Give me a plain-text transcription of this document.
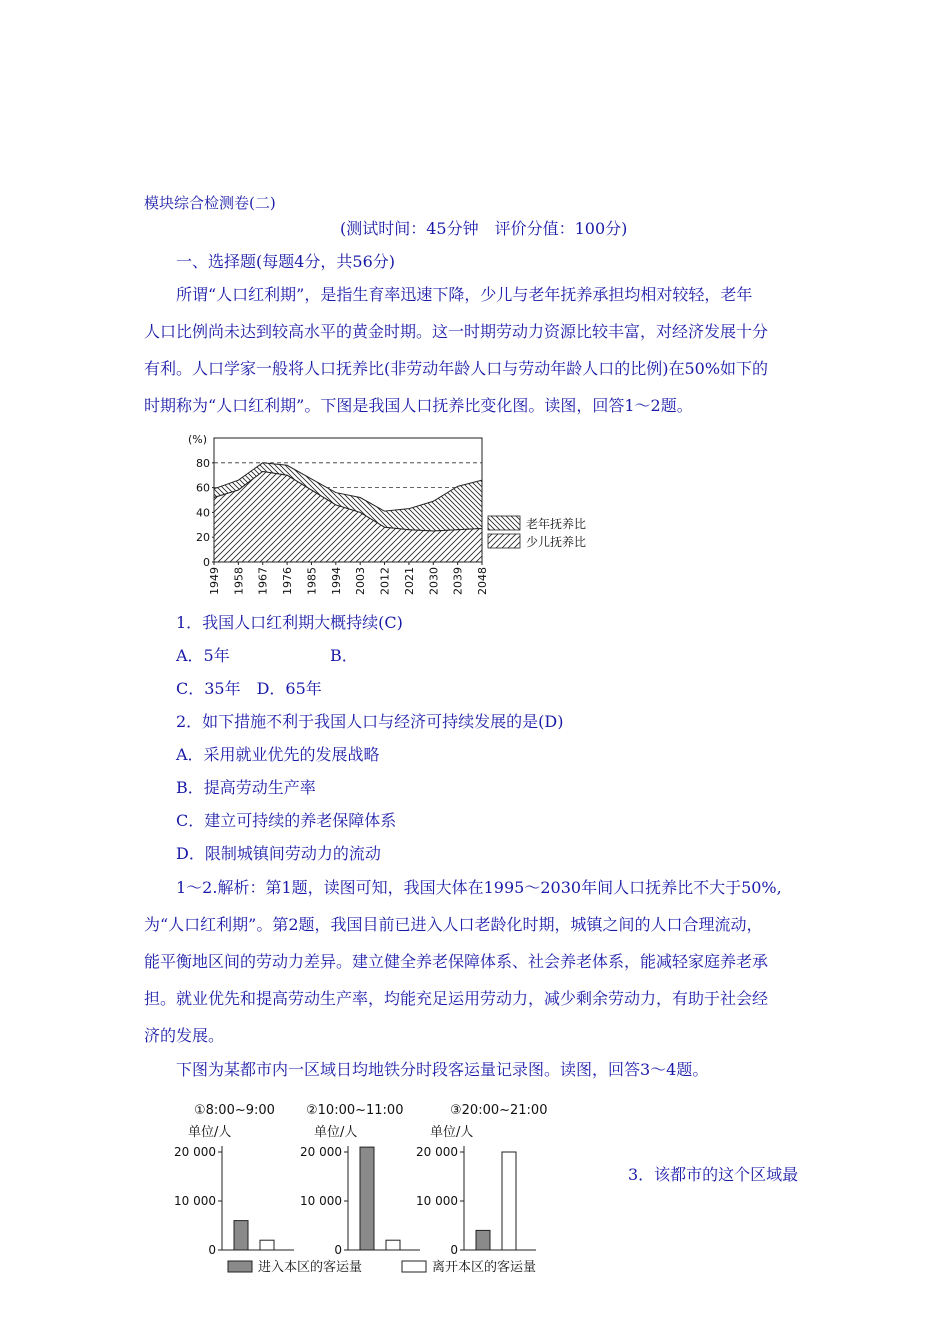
模块综合检测卷(二)
(测试时间：45分钟　评价分值：100分)
一、选择题(每题4分，共56分)
所谓“人口红利期”，是指生育率迅速下降，少儿与老年抚养承担均相对较轻，老年
人口比例尚未达到较高水平的黄金时期。这一时期劳动力资源比较丰富，对经济发展十分
有利。人口学家一般将人口抚养比(非劳动年龄人口与劳动年龄人口的比例)在50%如下的
时期称为“人口红利期”。下图是我国人口抚养比变化图。读图，回答1～2题。
(%)
0
20
40
60
80
1949 1958 1967 1976 1985 1994 2003 2012 2021 2030 2039 2048
老年抚养比
少儿抚养比
1．我国人口红利期大概持续(C)
A．5年	B．
C．35年　D．65年
2．如下措施不利于我国人口与经济可持续发展的是(D)
A．采用就业优先的发展战略
B．提高劳动生产率
C．建立可持续的养老保障体系
D．限制城镇间劳动力的流动
1～2.解析：第1题，读图可知，我国大体在1995～2030年间人口抚养比不大于50%,
为“人口红利期”。第2题，我国目前已进入人口老龄化时期，城镇之间的人口合理流动，
能平衡地区间的劳动力差异。建立健全养老保障体系、社会养老体系，能减轻家庭养老承
担。就业优先和提高劳动生产率，均能充足运用劳动力，减少剩余劳动力，有助于社会经
济的发展。
下图为某都市内一区域日均地铁分时段客运量记录图。读图，回答3～4题。
①8:00~9:00
单位/人
20 000
10 000
0
②10:00~11:00
单位/人
20 000
10 000
0
③20:00~21:00
单位/人
20 000
10 000
0
进入本区的客运量	离开本区的客运量
3．该都市的这个区域最
